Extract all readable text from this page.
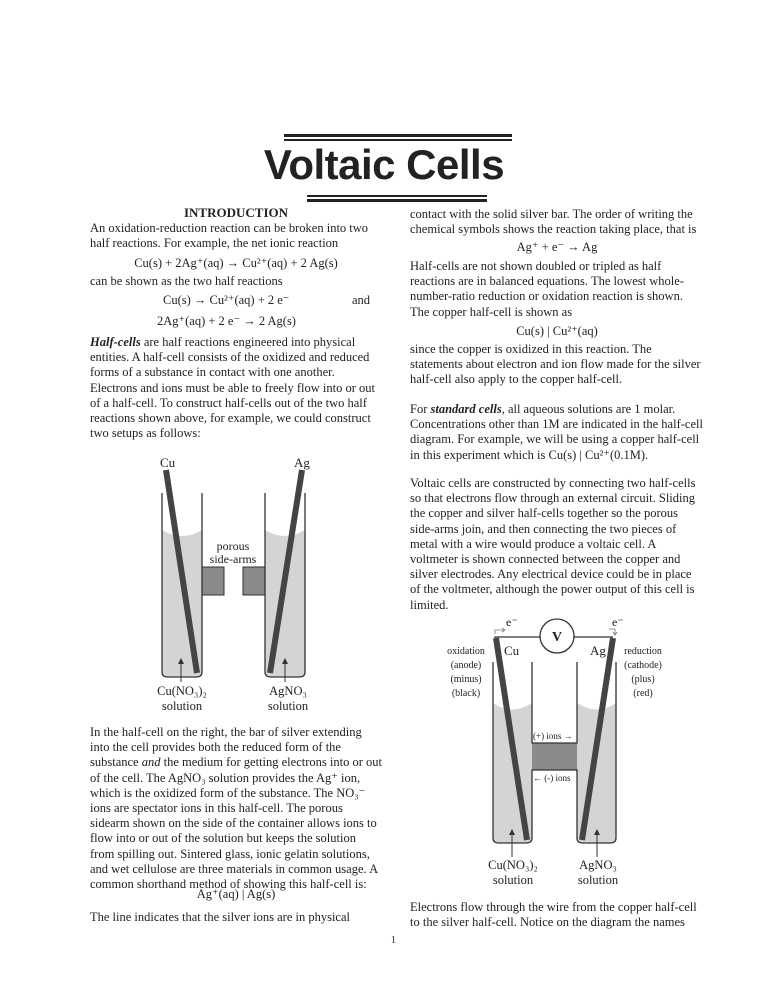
Voltaic Cells
INTRODUCTION

An oxidation-reduction reaction can be broken into two half reactions. For example, the net ionic reaction

Cu(s) + 2Ag⁺(aq) → Cu²⁺(aq) + 2 Ag(s)

can be shown as the two half reactions

Cu(s) → Cu²⁺(aq) + 2 e⁻	and

2Ag⁺(aq) + 2 e⁻ → 2 Ag(s)

Half-cells are half reactions engineered into physical entities. A half-cell consists of the oxidized and reduced forms of a substance in contact with one another. Electrons and ions must be able to freely flow into or out of a half-cell. To construct half-cells out of the two half reactions shown above, for example, we could construct two setups as follows:

Cu	Ag
porous
side-arms
Cu(NO₃)₂
solution
AgNO₃
solution

In the half-cell on the right, the bar of silver extending into the cell provides both the reduced form of the substance and the medium for getting electrons into or out of the cell. The AgNO₃ solution provides the Ag⁺ ion, which is the oxidized form of the substance. The NO₃⁻ ions are spectator ions in this half-cell. The porous sidearm shown on the side of the container allows ions to flow into or out of the solution but keeps the solution from spilling out. Sintered glass, ionic gelatin solutions, and wet cellulose are three materials in common usage. A common shorthand method of showing this half-cell is:

Ag⁺(aq) | Ag(s)

The line indicates that the silver ions are in physical

contact with the solid silver bar. The order of writing the chemical symbols shows the reaction taking place, that is

Ag⁺ + e⁻ → Ag

Half-cells are not shown doubled or tripled as half reactions are in balanced equations. The lowest whole-number-ratio reduction or oxidation reaction is shown. The copper half-cell is shown as

Cu(s) | Cu²⁺(aq)

since the copper is oxidized in this reaction. The statements about electron and ion flow made for the silver half-cell also apply to the copper half-cell.

For standard cells, all aqueous solutions are 1 molar. Concentrations other than 1M are indicated in the half-cell diagram. For example, we will be using a copper half-cell in this experiment which is Cu(s) | Cu²⁺(0.1M).

Voltaic cells are constructed by connecting two half-cells so that electrons flow through an external circuit. Sliding the copper and silver half-cells together so the porous side-arms join, and then connecting the two pieces of metal with a wire would produce a voltaic cell. A voltmeter is shown connected between the copper and silver electrodes. Any electrical device could be in place of the voltmeter, although the power output of this cell is limited.

e⁻	e⁻
V
Cu	Ag
(+) ions →
← (-) ions
oxidation
(anode)
(minus)
(black)
reduction
(cathode)
(plus)
(red)
Cu(NO₃)₂
solution
AgNO₃
solution

Electrons flow through the wire from the copper half-cell to the silver half-cell. Notice on the diagram the names

1
